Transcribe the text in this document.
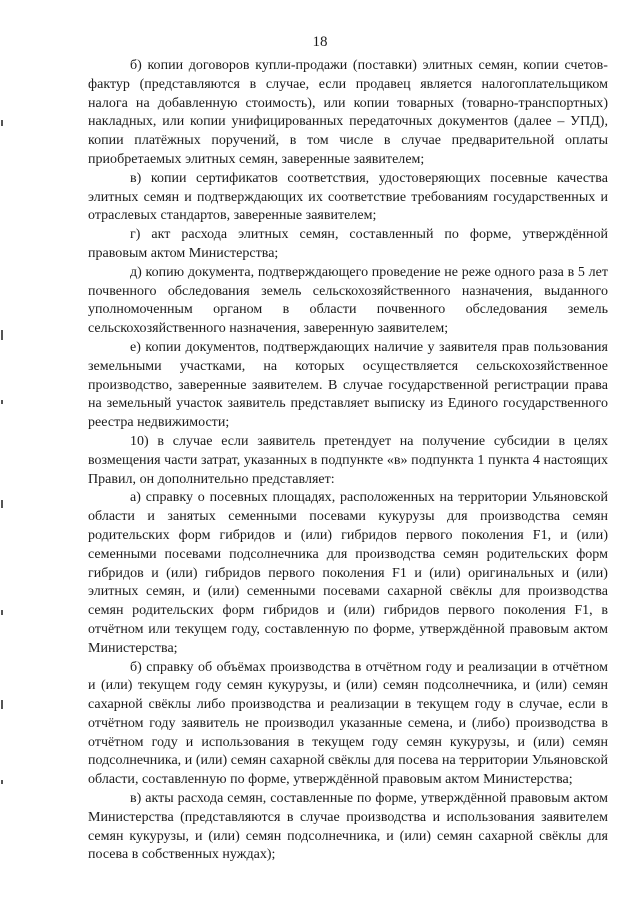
18

б) копии договоров купли-продажи (поставки) элитных семян, копии счетов-фактур (представляются в случае, если продавец является налогоплательщиком налога на добавленную стоимость), или копии товарных (товарно-транспортных) накладных, или копии унифицированных передаточных документов (далее – УПД), копии платёжных поручений, в том числе в случае предварительной оплаты приобретаемых элитных семян, заверенные заявителем;

в) копии сертификатов соответствия, удостоверяющих посевные качества элитных семян и подтверждающих их соответствие требованиям государственных и отраслевых стандартов, заверенные заявителем;

г) акт расхода элитных семян, составленный по форме, утверждённой правовым актом Министерства;

д) копию документа, подтверждающего проведение не реже одного раза в 5 лет почвенного обследования земель сельскохозяйственного назначения, выданного уполномоченным органом в области почвенного обследования земель сельскохозяйственного назначения, заверенную заявителем;

е) копии документов, подтверждающих наличие у заявителя прав пользования земельными участками, на которых осуществляется сельскохозяйственное производство, заверенные заявителем. В случае государственной регистрации права на земельный участок заявитель представляет выписку из Единого государственного реестра недвижимости;

10) в случае если заявитель претендует на получение субсидии в целях возмещения части затрат, указанных в подпункте «в» подпункта 1 пункта 4 настоящих Правил, он дополнительно представляет:

а) справку о посевных площадях, расположенных на территории Ульяновской области и занятых семенными посевами кукурузы для производства семян родительских форм гибридов и (или) гибридов первого поколения F1, и (или) семенными посевами подсолнечника для производства семян родительских форм гибридов и (или) гибридов первого поколения F1 и (или) оригинальных и (или) элитных семян, и (или) семенными посевами сахарной свёклы для производства семян родительских форм гибридов и (или) гибридов первого поколения F1, в отчётном или текущем году, составленную по форме, утверждённой правовым актом Министерства;

б) справку об объёмах производства в отчётном году и реализации в отчётном и (или) текущем году семян кукурузы, и (или) семян подсолнечника, и (или) семян сахарной свёклы либо производства и реализации в текущем году в случае, если в отчётном году заявитель не производил указанные семена, и (либо) производства в отчётном году и использования в текущем году семян кукурузы, и (или) семян подсолнечника, и (или) семян сахарной свёклы для посева на территории Ульяновской области, составленную по форме, утверждённой правовым актом Министерства;

в) акты расхода семян, составленные по форме, утверждённой правовым актом Министерства (представляются в случае производства и использования заявителем семян кукурузы, и (или) семян подсолнечника, и (или) семян сахарной свёклы для посева в собственных нуждах);
